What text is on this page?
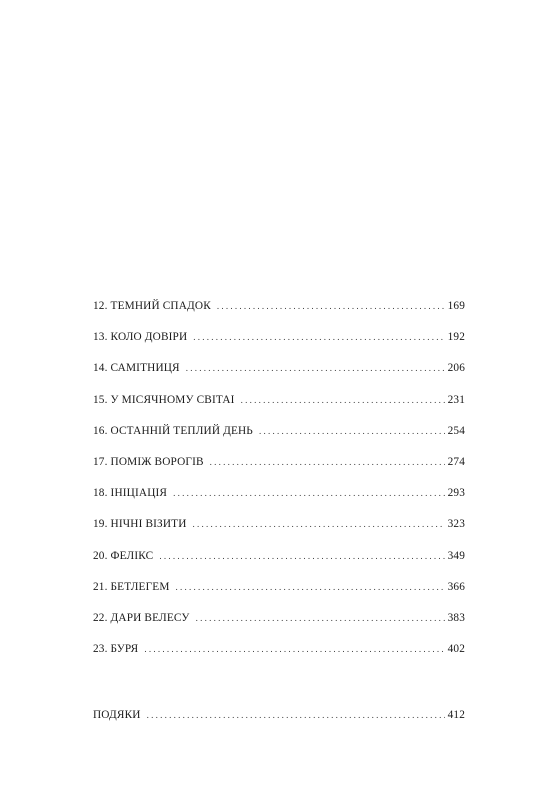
12. ТЕМНИЙ СПАДОК . . .	169
13. КОЛО ДОВІРИ . . .	192
14. САМІТНИЦЯ . . .	206
15. У МІСЯЧНОМУ СВІТАІ . . .	231
16. ОСТАННІЙ ТЕПЛИЙ ДЕНЬ . . .	254
17. ПОМІЖ ВОРОГІВ . . .	274
18. ІНІЦІАЦІЯ . . .	293
19. НІЧНІ ВІЗИТИ . . .	323
20. ФЕЛІКС . . .	349
21. БЕТЛЕГЕМ . . .	366
22. ДАРИ ВЕЛЕСУ . . .	383
23. БУРЯ . . .	402
ПОДЯКИ . . .	412
